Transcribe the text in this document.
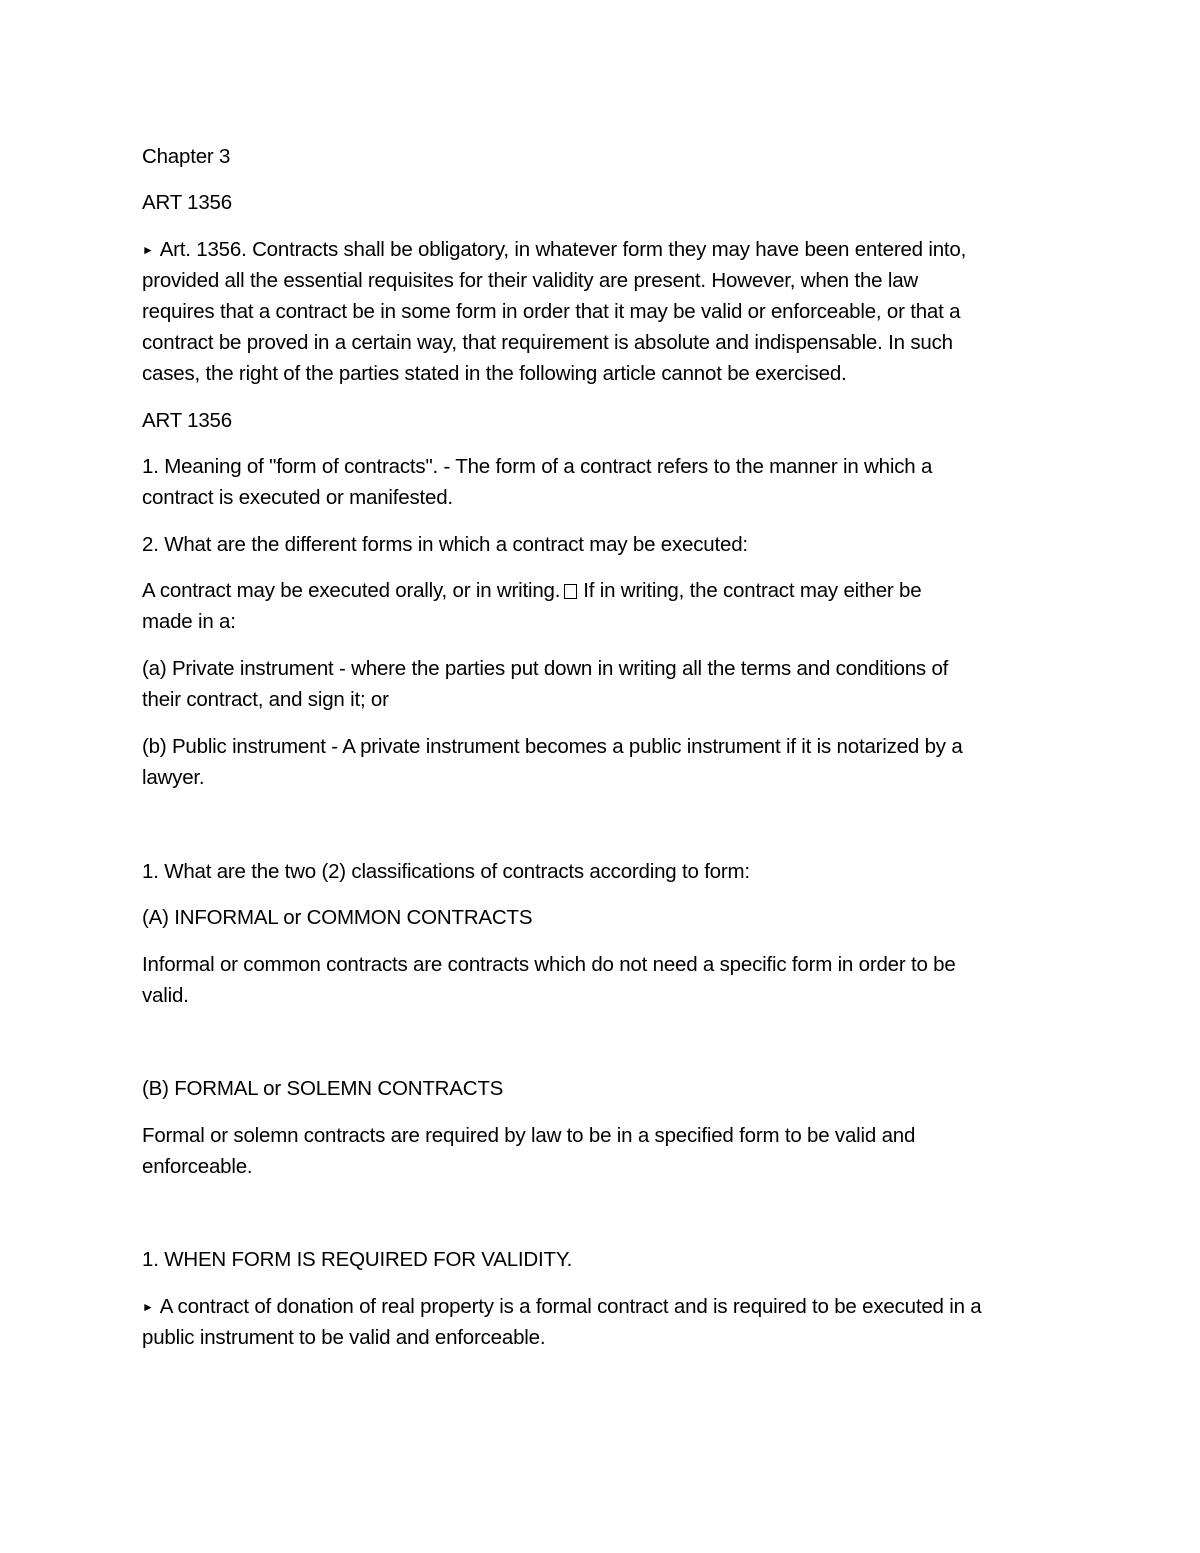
Chapter 3
ART 1356
► Art. 1356. Contracts shall be obligatory, in whatever form they may have been entered into,
provided all the essential requisites for their validity are present. However, when the law
requires that a contract be in some form in order that it may be valid or enforceable, or that a
contract be proved in a certain way, that requirement is absolute and indispensable. In such
cases, the right of the parties stated in the following article cannot be exercised.
ART 1356
1. Meaning of "form of contracts". - The form of a contract refers to the manner in which a
contract is executed or manifested.
2. What are the different forms in which a contract may be executed:
A contract may be executed orally, or in writing. If in writing, the contract may either be
made in a:
(a) Private instrument - where the parties put down in writing all the terms and conditions of
their contract, and sign it; or
(b) Public instrument - A private instrument becomes a public instrument if it is notarized by a
lawyer.
1. What are the two (2) classifications of contracts according to form:
(A) INFORMAL or COMMON CONTRACTS
Informal or common contracts are contracts which do not need a specific form in order to be
valid.
(B) FORMAL or SOLEMN CONTRACTS
Formal or solemn contracts are required by law to be in a specified form to be valid and
enforceable.
1. WHEN FORM IS REQUIRED FOR VALIDITY.
► A contract of donation of real property is a formal contract and is required to be executed in a
public instrument to be valid and enforceable.
